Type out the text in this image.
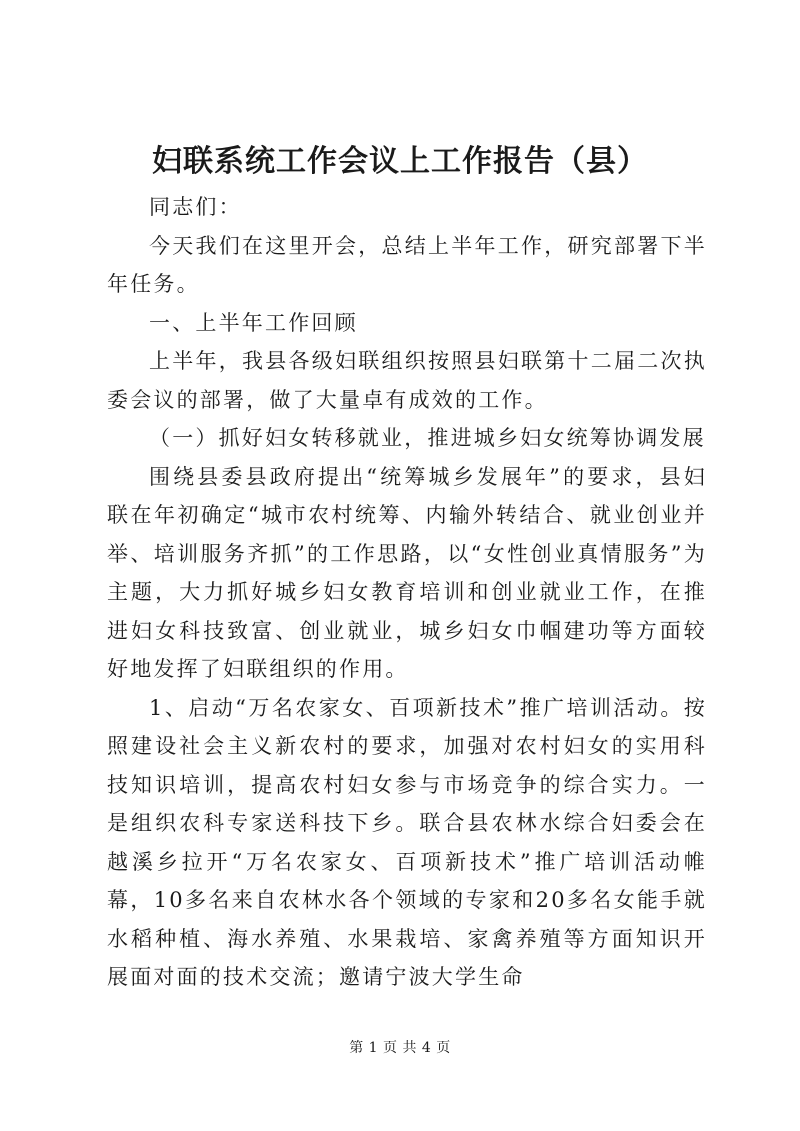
妇联系统工作会议上工作报告（县）

同志们：

今天我们在这里开会，总结上半年工作，研究部署下半年任务。

一、上半年工作回顾

上半年，我县各级妇联组织按照县妇联第十二届二次执委会议的部署，做了大量卓有成效的工作。

（一）抓好妇女转移就业，推进城乡妇女统筹协调发展

围绕县委县政府提出“统筹城乡发展年”的要求，县妇联在年初确定“城市农村统筹、内输外转结合、就业创业并举、培训服务齐抓”的工作思路，以“女性创业真情服务”为主题，大力抓好城乡妇女教育培训和创业就业工作，在推进妇女科技致富、创业就业，城乡妇女巾帼建功等方面较好地发挥了妇联组织的作用。

1、启动“万名农家女、百项新技术”推广培训活动。按照建设社会主义新农村的要求，加强对农村妇女的实用科技知识培训，提高农村妇女参与市场竞争的综合实力。一是组织农科专家送科技下乡。联合县农林水综合妇委会在越溪乡拉开“万名农家女、百项新技术”推广培训活动帷幕，10多名来自农林水各个领域的专家和20多名女能手就水稻种植、海水养殖、水果栽培、家禽养殖等方面知识开展面对面的技术交流；邀请宁波大学生命

第 1 页 共 4 页
